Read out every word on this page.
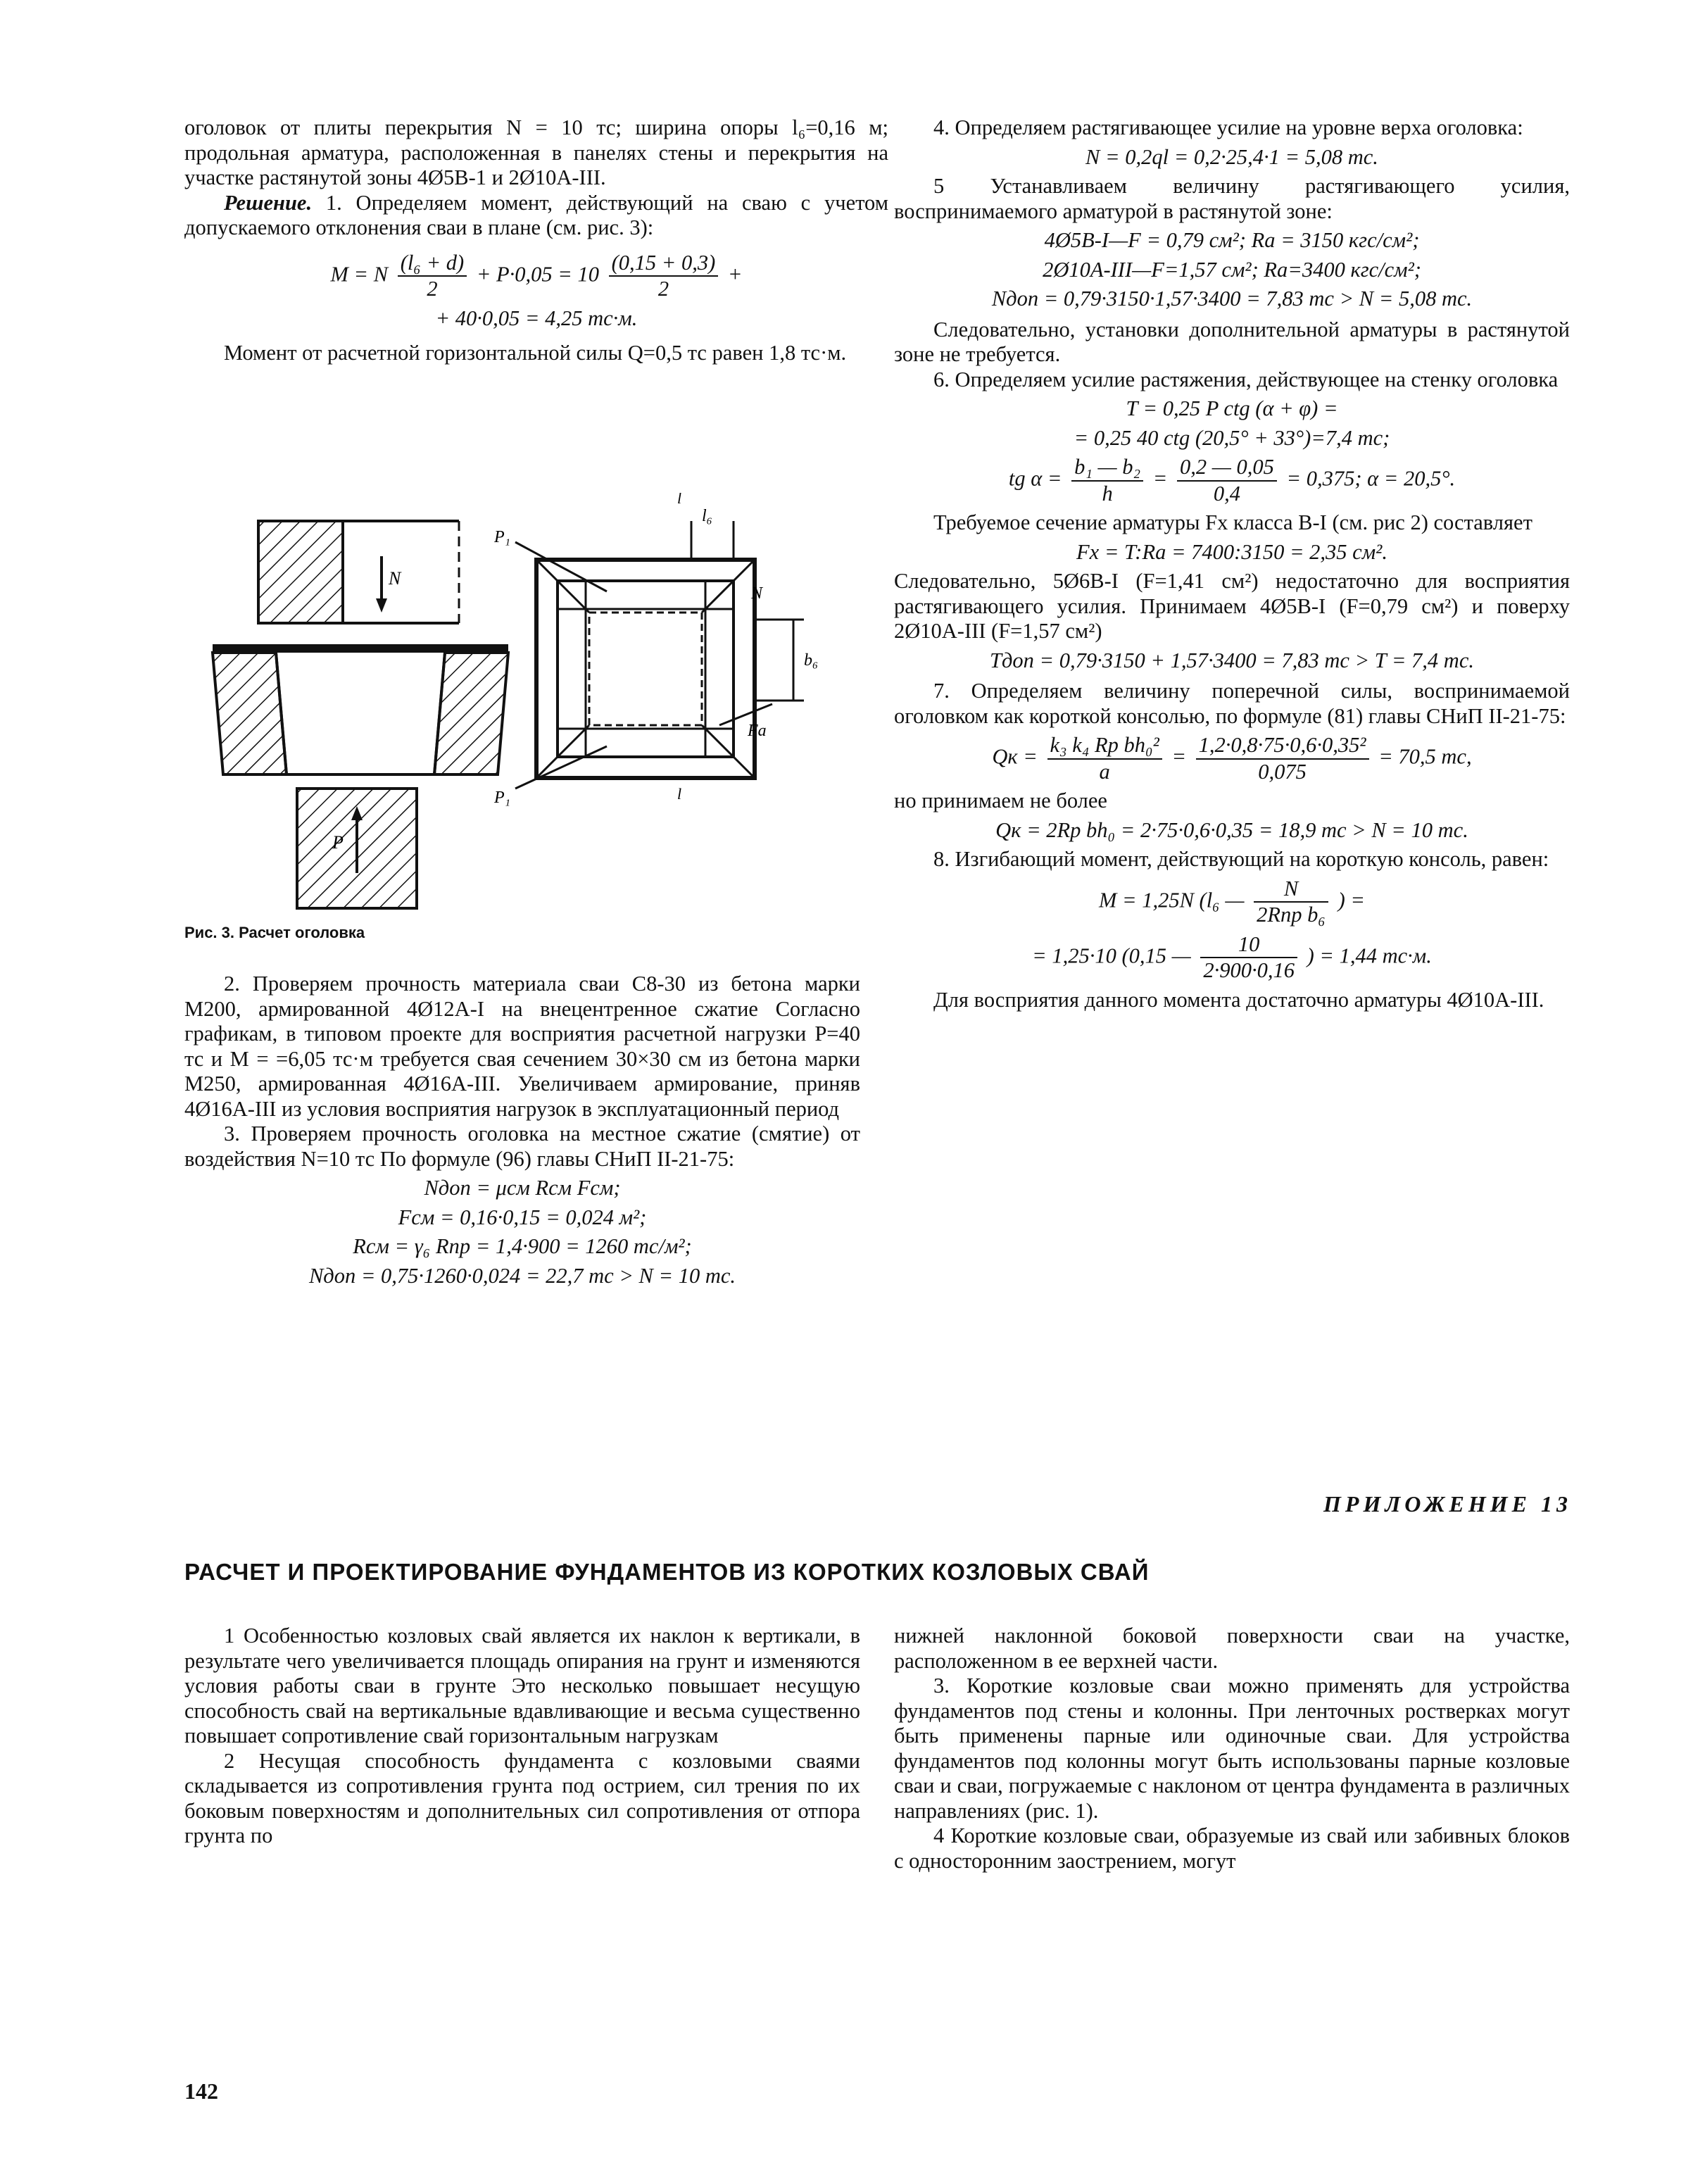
оголовок от плиты перекрытия N = 10 тс; ширина опоры l₆=0,16 м; продольная арматура, расположенная в панелях стены и перекрытия на участке растянутой зоны 4Ø5В-1 и 2Ø10А-III.

Решение. 1. Определяем момент, действующий на сваю с учетом допускаемого отклонения сваи в плане (см. рис. 3):

M = N $\frac{\text{(l₆ + d)}}{2} + P\cdot 0,05 = 10 \frac{(0,15 + 0,3)}{2}$ +
+ 40·0,05 = 4,25 тс·м.

Момент от расчетной горизонтальной силы Q=0,5 тс равен 1,8 тс·м.

N
P
P₁
P₁
l₆
b₆
Fa
N
l
l
Рис. 3. Расчет оголовка

2. Проверяем прочность материала сваи С8-30 из бетона марки М200, армированной 4Ø12А-I на внецентренное сжатие Согласно графикам, в типовом проекте для восприятия расчетной нагрузки P=40 тс и M = =6,05 тс·м требуется свая сечением 30×30 см из бетона марки М250, армированная 4Ø16А-III. Увеличиваем армирование, приняв 4Ø16А-III из условия восприятия нагрузок в эксплуатационный период

3. Проверяем прочность оголовка на местное сжатие (смятие) от воздействия N=10 тс По формуле (96) главы СНиП II-21-75:

Nдоп = μсм Rсм Fсм;
Fсм = 0,16·0,15 = 0,024 м²;
Rсм = γ₆ Rпр = 1,4·900 = 1260 тс/м²;
Nдоп = 0,75·1260·0,024 = 22,7 тс > N = 10 тс.

4. Определяем растягивающее усилие на уровне верха оголовка:

N = 0,2ql = 0,2·25,4·1 = 5,08 тс.

5 Устанавливаем величину растягивающего усилия, воспринимаемого арматурой в растянутой зоне:

4Ø5В-I—F = 0,79 см²; Ra = 3150 кгс/см²;
2Ø10А-III—F=1,57 см²; Ra=3400 кгс/см²;
Nдоп = 0,79·3150·1,57·3400 = 7,83 тс > N = 5,08 тс.

Следовательно, установки дополнительной арматуры в растянутой зоне не требуется.

6. Определяем усилие растяжения, действующее на стенку оголовка

T = 0,25 P ctg (α + φ) =
= 0,25 40 ctg (20,5° + 33°)=7,4 тс;
tg $\alpha = \frac{\text{b₁ — b₂}}{h} = \frac{0,2 — 0,05}{0,4} = 0,375$; α = 20,5°.

Требуемое сечение арматуры Fx класса В-I (см. рис 2) составляет

Fx = T:Ra = 7400:3150 = 2,35 см².

Следовательно, 5Ø6В-I (F=1,41 см²) недостаточно для восприятия растягивающего усилия. Принимаем 4Ø5В-I (F=0,79 см²) и поверху 2Ø10А-III (F=1,57 см²)

Tдоп = 0,79·3150 + 1,57·3400 = 7,83 тс > T = 7,4 тс.

7. Определяем величину поперечной силы, воспринимаемой оголовком как короткой консолью, по формуле (81) главы СНиП II-21-75:

Qк = $\frac{\text{k₃ k₄ Rp bh₀²}}{a} = \frac{\text{1,2·0,8·75·0,6·0,35²}}{0,075} = 70,5$ тс,

но принимаем не более

Qк = 2Rp bh₀ = 2·75·0,6·0,35 = 18,9 тс > N = 10 тс.

8. Изгибающий момент, действующий на короткую консоль, равен:

M = 1,25N (l₆ — $\frac{N}{\text{2Rпр b₆}}$ ) =
= 1,25·10 (0,15 — $\frac{10}{2\cdot 900\cdot 0,16}$ ) = 1,44 тс·м.

Для восприятия данного момента достаточно арматуры 4Ø10А-III.

ПРИЛОЖЕНИЕ 13
РАСЧЕТ И ПРОЕКТИРОВАНИЕ ФУНДАМЕНТОВ ИЗ КОРОТКИХ КОЗЛОВЫХ СВАЙ

1 Особенностью козловых свай является их наклон к вертикали, в результате чего увеличивается площадь опирания на грунт и изменяются условия работы сваи в грунте Это несколько повышает несущую способность свай на вертикальные вдавливающие и весьма существенно повышает сопротивление свай горизонтальным нагрузкам

2 Несущая способность фундамента с козловыми сваями складывается из сопротивления грунта под острием, сил трения по их боковым поверхностям и дополнительных сил сопротивления от отпора грунта по

нижней наклонной боковой поверхности сваи на участке, расположенном в ее верхней части.

3. Короткие козловые сваи можно применять для устройства фундаментов под стены и колонны. При ленточных ростверках могут быть применены парные или одиночные сваи. Для устройства фундаментов под колонны могут быть использованы парные козловые сваи и сваи, погружаемые с наклоном от центра фундамента в различных направлениях (рис. 1).

4 Короткие козловые сваи, образуемые из свай или забивных блоков с односторонним заострением, могут

142
